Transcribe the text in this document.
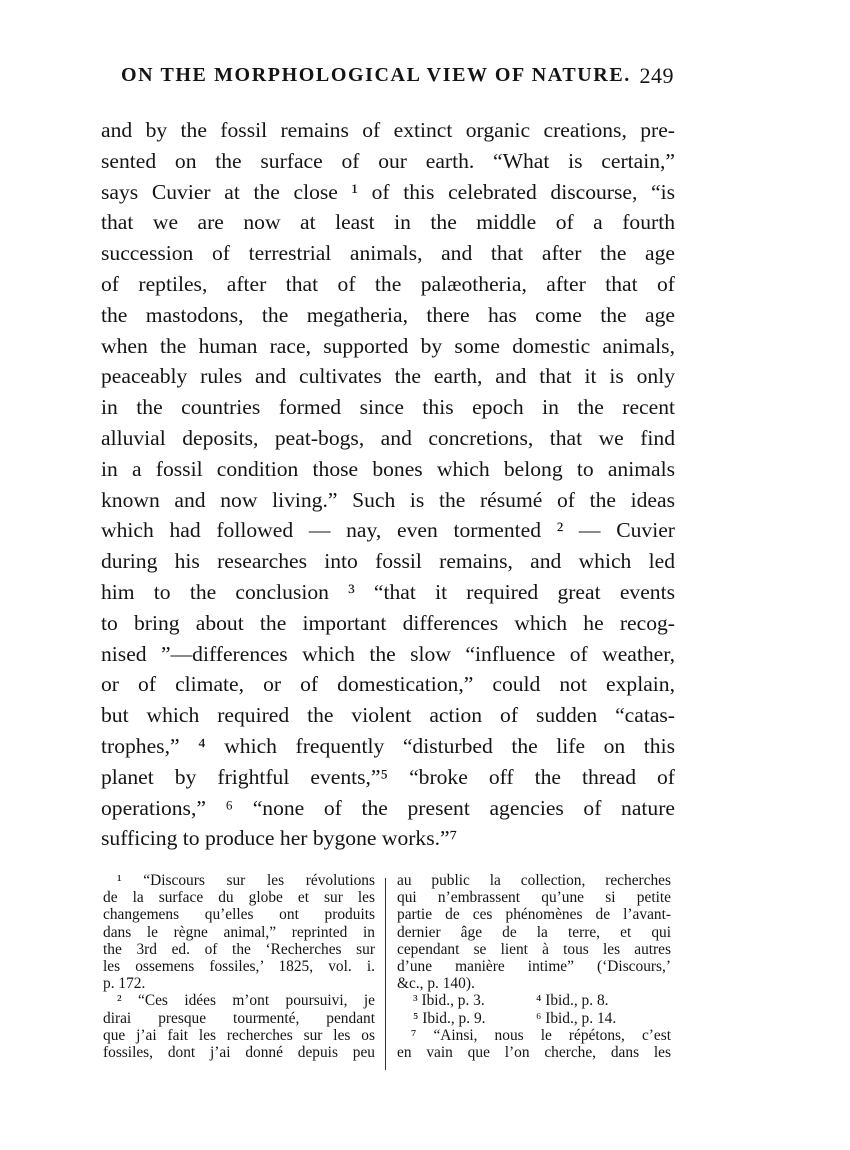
ON THE MORPHOLOGICAL VIEW OF NATURE. 249
and by the fossil remains of extinct organic creations, pre-
sented on the surface of our earth. “What is certain,”
says Cuvier at the close ¹ of this celebrated discourse, “is
that we are now at least in the middle of a fourth
succession of terrestrial animals, and that after the age
of reptiles, after that of the palæotheria, after that of
the mastodons, the megatheria, there has come the age
when the human race, supported by some domestic animals,
peaceably rules and cultivates the earth, and that it is only
in the countries formed since this epoch in the recent
alluvial deposits, peat-bogs, and concretions, that we find
in a fossil condition those bones which belong to animals
known and now living.” Such is the résumé of the ideas
which had followed — nay, even tormented ² — Cuvier
during his researches into fossil remains, and which led
him to the conclusion ³ “that it required great events
to bring about the important differences which he recog-
nised ”—differences which the slow “influence of weather,
or of climate, or of domestication,” could not explain,
but which required the violent action of sudden “catas-
trophes,” ⁴ which frequently “disturbed the life on this
planet by frightful events,”⁵ “broke off the thread of
operations,” ⁶ “none of the present agencies of nature
sufficing to produce her bygone works.”⁷
¹ “Discours sur les révolutions
de la surface du globe et sur les
changemens qu’elles ont produits
dans le règne animal,” reprinted in
the 3rd ed. of the ‘Recherches sur
les ossemens fossiles,’ 1825, vol. i.
p. 172.
² “Ces idées m’ont poursuivi, je
dirai presque tourmenté, pendant
que j’ai fait les recherches sur les os
fossiles, dont j’ai donné depuis peu
au public la collection, recherches
qui n’embrassent qu’une si petite
partie de ces phénomènes de l’avant-
dernier âge de la terre, et qui
cependant se lient à tous les autres
d’une manière intime” (‘Discours,’
&c., p. 140).
³ Ibid., p. 3.	⁴ Ibid., p. 8.
⁵ Ibid., p. 9.	⁶ Ibid., p. 14.
⁷ “Ainsi, nous le répétons, c’est
en vain que l’on cherche, dans les
